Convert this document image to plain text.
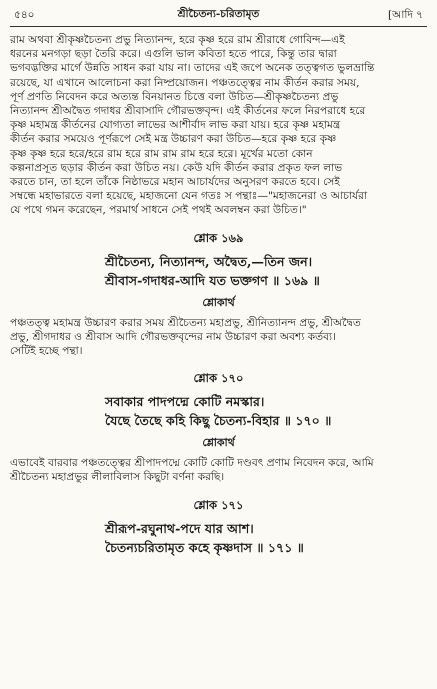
৫৪০	শ্রীচৈতন্য-চরিতামৃত	[আদি ৭

রাম অথবা শ্রীকৃষ্ণচৈতন্য প্রভু নিত্যানন্দ, হরে কৃষ্ণ হরে রাম শ্রীরাধে গোবিন্দ—এই

ধরনের মনগড়া ছড়া তৈরি করে। এগুলি ভাল কবিতা হতে পারে, কিন্তু তার দ্বারা

ভগবদ্ভক্তির মার্গে উন্নতি সাধন করা যায় না। তাদের এই জপে অনেক তত্ত্বগত ভুলভ্রান্তি

রয়েছে, যা এখানে আলোচনা করা নিষ্প্রয়োজন। পঞ্চতত্ত্বের নাম কীর্তন করার সময়,

পূর্ণ প্রণতি নিবেদন করে অত্যন্ত বিনয়ানত চিত্তে বলা উচিত—শ্রীকৃষ্ণচৈতন্য প্রভু

নিত্যানন্দ শ্রীঅদ্বৈত গদাধর শ্রীবাসাদি গৌরভক্তবৃন্দ। এই কীর্তনের ফলে নিরপরাধে হরে

কৃষ্ণ মহামন্ত্র কীর্তনের যোগ্যতা লাভের আশীর্বাদ লাভ করা যায়। হরে কৃষ্ণ মহামন্ত্র

কীর্তন করার সময়েও পূর্ণরূপে সেই মন্ত্র উচ্চারণ করা উচিত—হরে কৃষ্ণ হরে কৃষ্ণ

কৃষ্ণ কৃষ্ণ হরে হরে/হরে রাম হরে রাম রাম রাম হরে হরে। মূর্খের মতো কোন

কল্পনাপ্রসূত ছড়ার কীর্তন করা উচিত নয়। কেউ যদি কীর্তন করার প্রকৃত ফল লাভ

করতে চান, তা হলে তাঁকে নিষ্ঠাভরে মহান আচার্যদের অনুসরণ করতে হবে। সেই

সম্বন্ধে মহাভারতে বলা হয়েছে, মহাজনো যেন গতঃ স পন্থাঃ—"মহাজনেরা ও আচার্যরা

যে পথে গমন করেছেন, পরমার্থ সাধনে সেই পথই অবলম্বন করা উচিত।"

শ্লোক ১৬৯

শ্রীচৈতন্য, নিত্যানন্দ, অদ্বৈত,—তিন জন।

শ্রীবাস-গদাধর-আদি যত ভক্তগণ ॥ ১৬৯ ॥

শ্লোকার্থ

পঞ্চতত্ত্ব মহামন্ত্র উচ্চারণ করার সময় শ্রীচৈতন্য মহাপ্রভু, শ্রীনিত্যানন্দ প্রভু, শ্রীঅদ্বৈত

প্রভু, শ্রীগদাধর ও শ্রীবাস আদি গৌরভক্তবৃন্দের নাম উচ্চারণ করা অবশ্য কর্তব্য।

সেটিই হচ্ছে পন্থা।

শ্লোক ১৭০

সবাকার পাদপদ্মে কোটি নমস্কার।

যৈছে তৈছে কহি কিছু চৈতন্য-বিহার ॥ ১৭০ ॥

শ্লোকার্থ

এভাবেই বারবার পঞ্চতত্ত্বের শ্রীপাদপদ্মে কোটি কোটি দণ্ডবৎ প্রণাম নিবেদন করে, আমি

শ্রীচৈতন্য মহাপ্রভুর লীলাবিলাস কিছুটা বর্ণনা করছি।

শ্লোক ১৭১

শ্রীরূপ-রঘুনাথ-পদে যার আশ।

চৈতন্যচরিতামৃত কহে কৃষ্ণদাস ॥ ১৭১ ॥
